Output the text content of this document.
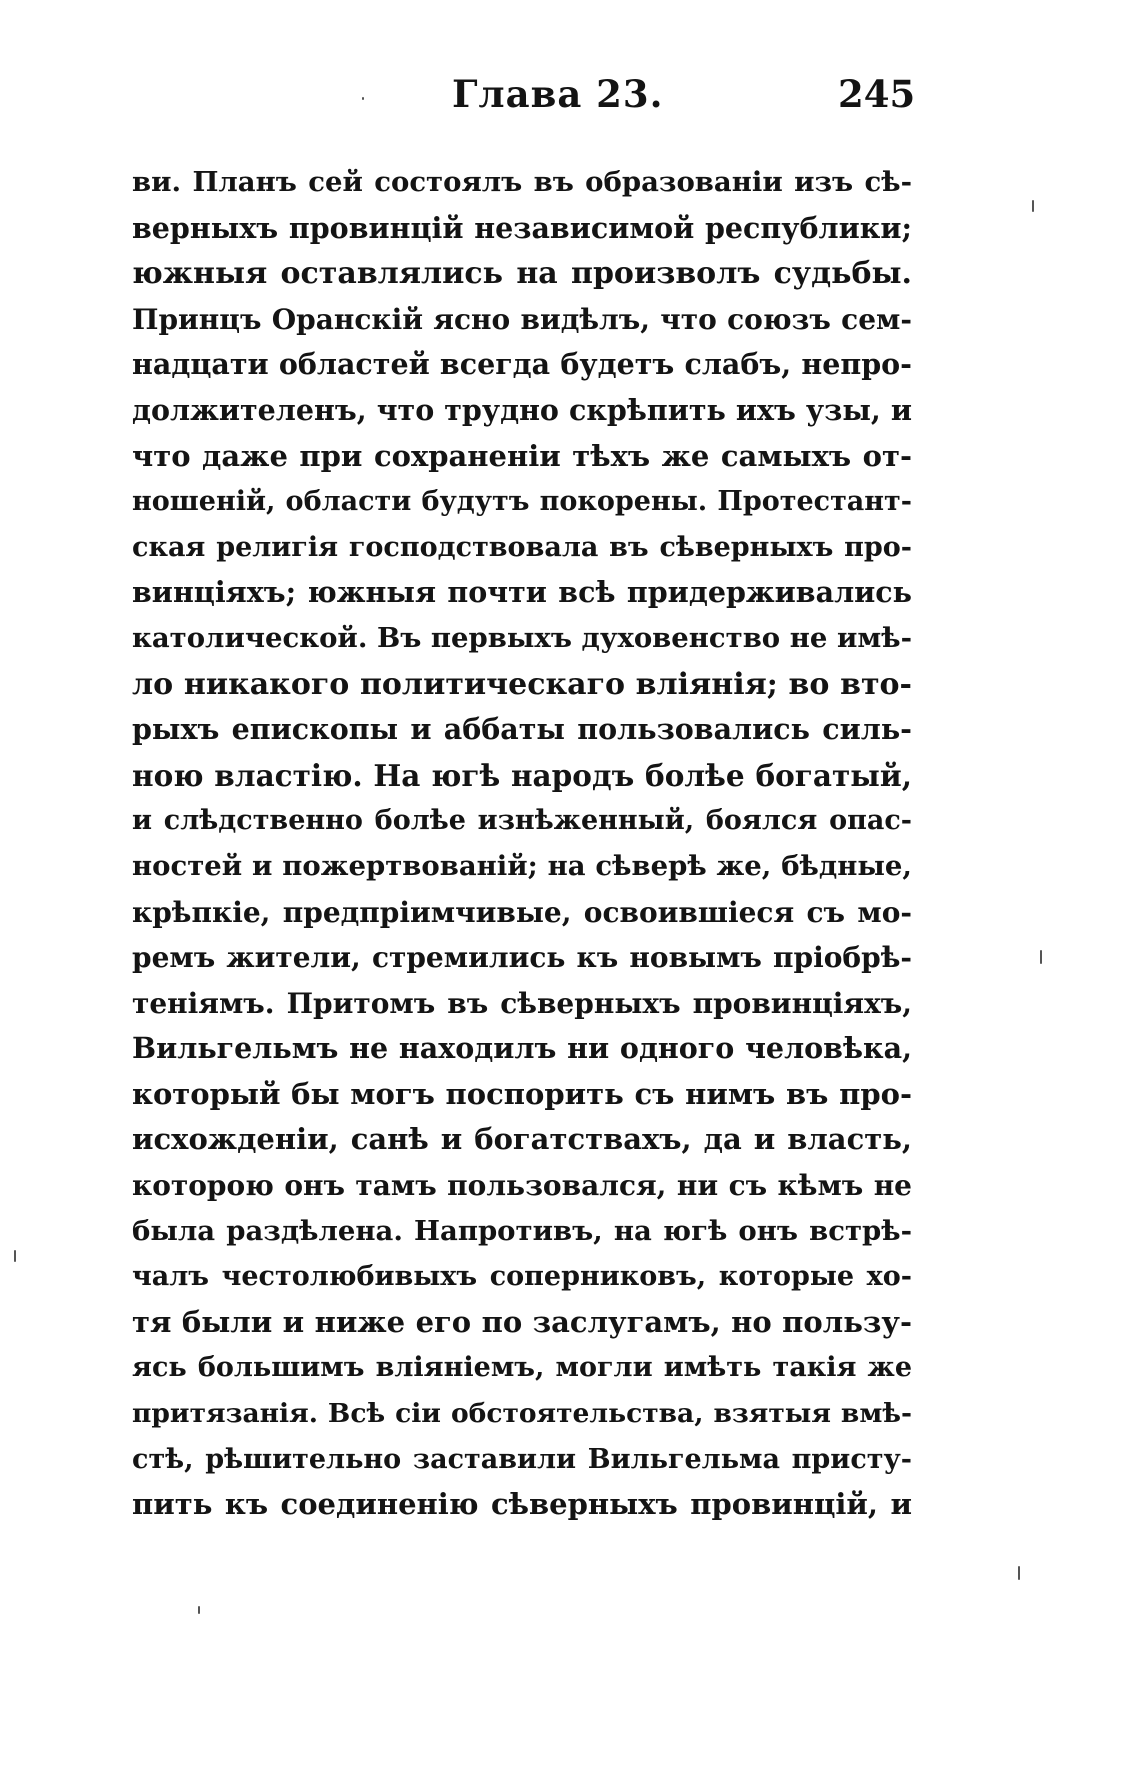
Глава 23.	245
ви. Планъ сей состоялъ въ образованіи изъ сѣ-
верныхъ провинцій независимой республики;
южныя оставлялись на произволъ судьбы.
Принцъ Оранскій ясно видѣлъ, что союзъ сем-
надцати областей всегда будетъ слабъ, непро-
должителенъ, что трудно скрѣпить ихъ узы, и
что даже при сохраненіи тѣхъ же самыхъ от-
ношеній, области будутъ покорены. Протестант-
ская религія господствовала въ сѣверныхъ про-
винціяхъ; южныя почти всѣ придерживались
католической. Въ первыхъ духовенство не имѣ-
ло никакого политическаго вліянія; во вто-
рыхъ епископы и аббаты пользовались силь-
ною властію. На югѣ народъ болѣе богатый,
и слѣдственно болѣе изнѣженный, боялся опас-
ностей и пожертвованій; на сѣверѣ же, бѣдные,
крѣпкіе, предпріимчивые, освоившіеся съ мо-
ремъ жители, стремились къ новымъ пріобрѣ-
теніямъ. Притомъ въ сѣверныхъ провинціяхъ,
Вильгельмъ не находилъ ни одного человѣка,
который бы могъ поспорить съ нимъ въ про-
исхожденіи, санѣ и богатствахъ, да и власть,
которою онъ тамъ пользовался, ни съ кѣмъ не
была раздѣлена. Напротивъ, на югѣ онъ встрѣ-
чалъ честолюбивыхъ соперниковъ, которые хо-
тя были и ниже его по заслугамъ, но пользу-
ясь большимъ вліяніемъ, могли имѣть такія же
притязанія. Всѣ сіи обстоятельства, взятыя вмѣ-
стѣ, рѣшительно заставили Вильгельма присту-
пить къ соединенію сѣверныхъ провинцій, и
